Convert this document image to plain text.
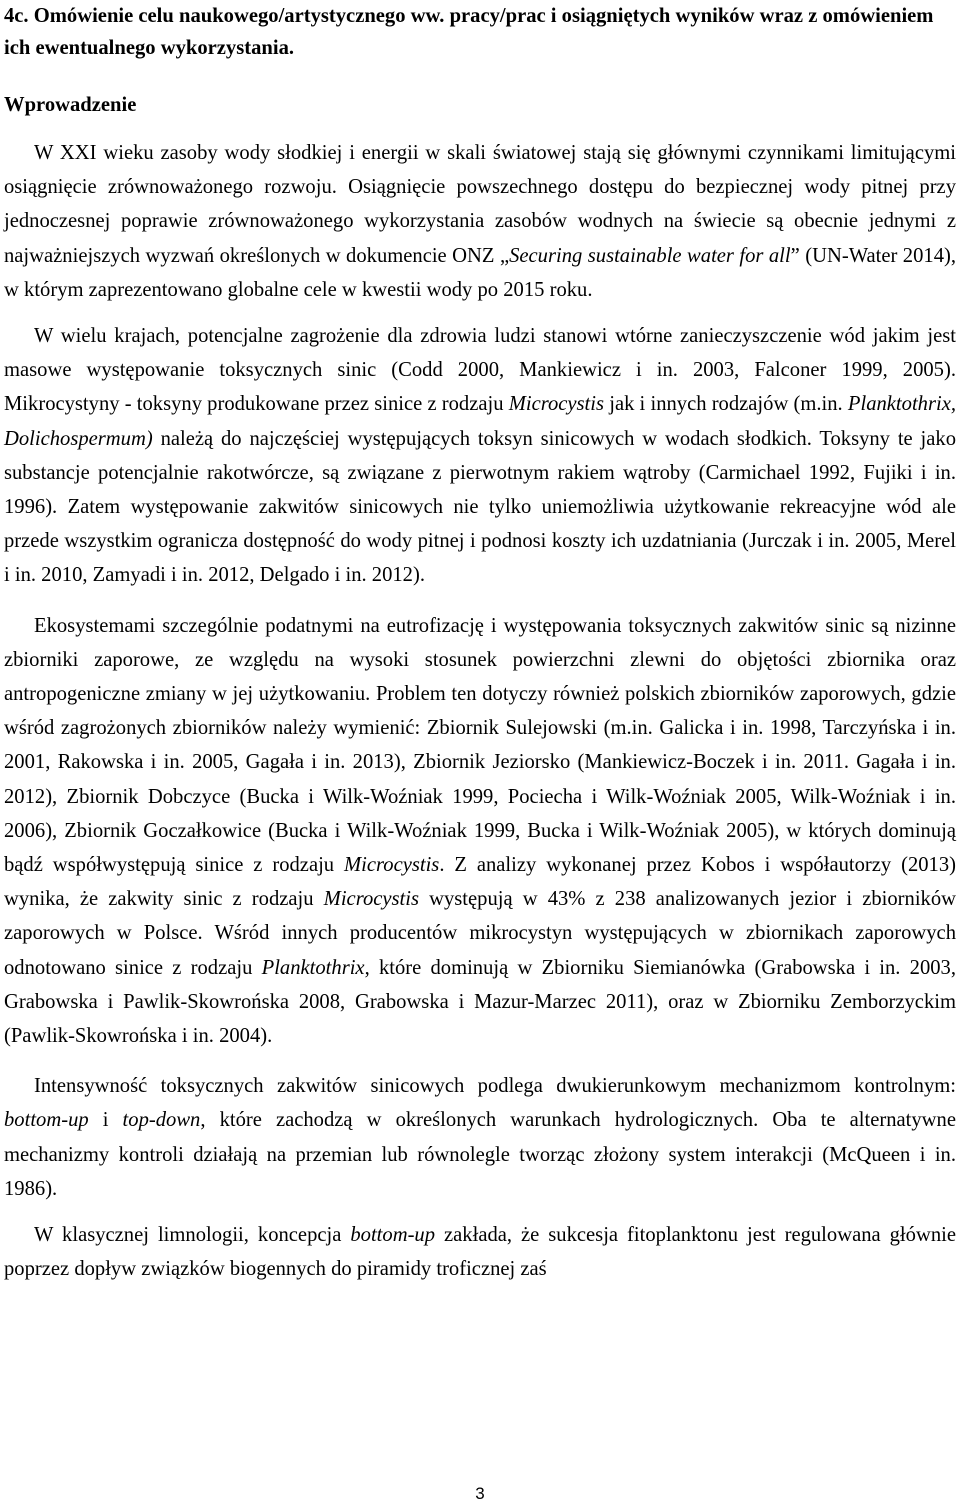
4c. Omówienie celu naukowego/artystycznego ww. pracy/prac i osiągniętych wyników wraz z omówieniem ich ewentualnego wykorzystania.
Wprowadzenie

W XXI wieku zasoby wody słodkiej i energii w skali światowej stają się głównymi czynnikami limitującymi osiągnięcie zrównoważonego rozwoju. Osiągnięcie powszechnego dostępu do bezpiecznej wody pitnej przy jednoczesnej poprawie zrównoważonego wykorzystania zasobów wodnych na świecie są obecnie jednymi z najważniejszych wyzwań określonych w dokumencie ONZ „Securing sustainable water for all” (UN-Water 2014), w którym zaprezentowano globalne cele w kwestii wody po 2015 roku.

W wielu krajach, potencjalne zagrożenie dla zdrowia ludzi stanowi wtórne zanieczyszczenie wód jakim jest masowe występowanie toksycznych sinic (Codd 2000, Mankiewicz i in. 2003, Falconer 1999, 2005). Mikrocystyny - toksyny produkowane przez sinice z rodzaju Microcystis jak i innych rodzajów (m.in. Planktothrix, Dolichospermum) należą do najczęściej występujących toksyn sinicowych w wodach słodkich. Toksyny te jako substancje potencjalnie rakotwórcze, są związane z pierwotnym rakiem wątroby (Carmichael 1992, Fujiki i in. 1996). Zatem występowanie zakwitów sinicowych nie tylko uniemożliwia użytkowanie rekreacyjne wód ale przede wszystkim ogranicza dostępność do wody pitnej i podnosi koszty ich uzdatniania (Jurczak i in. 2005, Merel i in. 2010, Zamyadi i in. 2012, Delgado i in. 2012).

Ekosystemami szczególnie podatnymi na eutrofizację i występowania toksycznych zakwitów sinic są nizinne zbiorniki zaporowe, ze względu na wysoki stosunek powierzchni zlewni do objętości zbiornika oraz antropogeniczne zmiany w jej użytkowaniu. Problem ten dotyczy również polskich zbiorników zaporowych, gdzie wśród zagrożonych zbiorników należy wymienić: Zbiornik Sulejowski (m.in. Galicka i in. 1998, Tarczyńska i in. 2001, Rakowska i in. 2005, Gagała i in. 2013), Zbiornik Jeziorsko (Mankiewicz-Boczek i in. 2011. Gagała i in. 2012), Zbiornik Dobczyce (Bucka i Wilk-Woźniak 1999, Pociecha i Wilk-Woźniak 2005, Wilk-Woźniak i in. 2006), Zbiornik Goczałkowice (Bucka i Wilk-Woźniak 1999, Bucka i Wilk-Woźniak 2005), w których dominują bądź współwystępują sinice z rodzaju Microcystis. Z analizy wykonanej przez Kobos i współautorzy (2013) wynika, że zakwity sinic z rodzaju Microcystis występują w 43% z 238 analizowanych jezior i zbiorników zaporowych w Polsce. Wśród innych producentów mikrocystyn występujących w zbiornikach zaporowych odnotowano sinice z rodzaju Planktothrix, które dominują w Zbiorniku Siemianówka (Grabowska i in. 2003, Grabowska i Pawlik-Skowrońska 2008, Grabowska i Mazur-Marzec 2011), oraz w Zbiorniku Zemborzyckim (Pawlik-Skowrońska i in. 2004).

Intensywność toksycznych zakwitów sinicowych podlega dwukierunkowym mechanizmom kontrolnym: bottom-up i top-down, które zachodzą w określonych warunkach hydrologicznych. Oba te alternatywne mechanizmy kontroli działają na przemian lub równolegle tworząc złożony system interakcji (McQueen i in. 1986).

W klasycznej limnologii, koncepcja bottom-up zakłada, że sukcesja fitoplanktonu jest regulowana głównie poprzez dopływ związków biogennych do piramidy troficznej zaś

3
